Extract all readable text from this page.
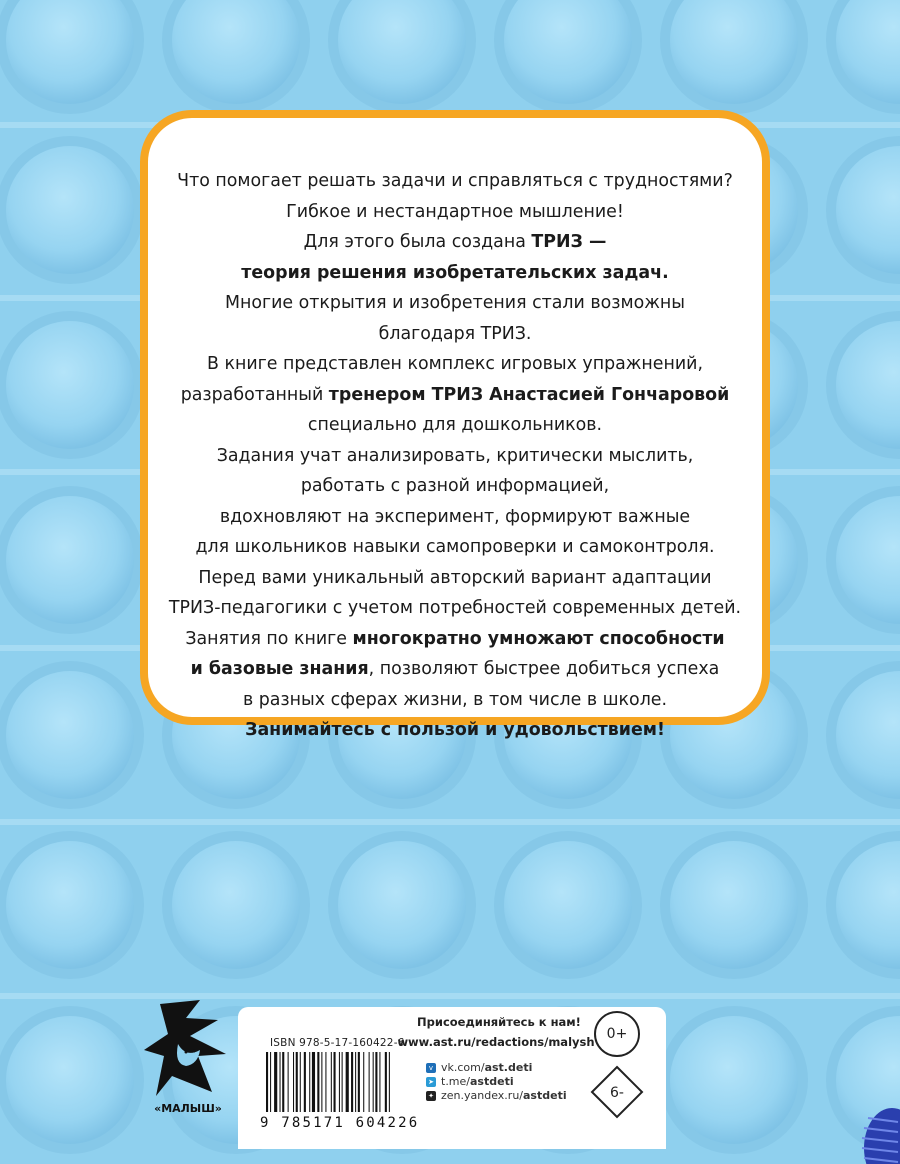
Что помогает решать задачи и справляться с трудностями?
Гибкое и нестандартное мышление!
Для этого была создана ТРИЗ —
теория решения изобретательских задач.
Многие открытия и изобретения стали возможны
благодаря ТРИЗ.
В книге представлен комплекс игровых упражнений,
разработанный тренером ТРИЗ Анастасией Гончаровой
специально для дошкольников.
Задания учат анализировать, критически мыслить,
работать с разной информацией,
вдохновляют на эксперимент, формируют важные
для школьников навыки самопроверки и самоконтроля.
Перед вами уникальный авторский вариант адаптации
ТРИЗ-педагогики с учетом потребностей современных детей.
Занятия по книге многократно умножают способности
и базовые знания, позволяют быстрее добиться успеха
в разных сферах жизни, в том числе в школе.
Занимайтесь с пользой и удовольствием!
«МАЛЫШ»
ISBN 978-5-17-160422-6
9 785171 604226
Присоединяйтесь к нам!
www.ast.ru/redactions/malysh
v vk.com/ ast.deti
➤ t.me/ astdeti
✦ zen.yandex.ru/ astdeti
0+
6-
